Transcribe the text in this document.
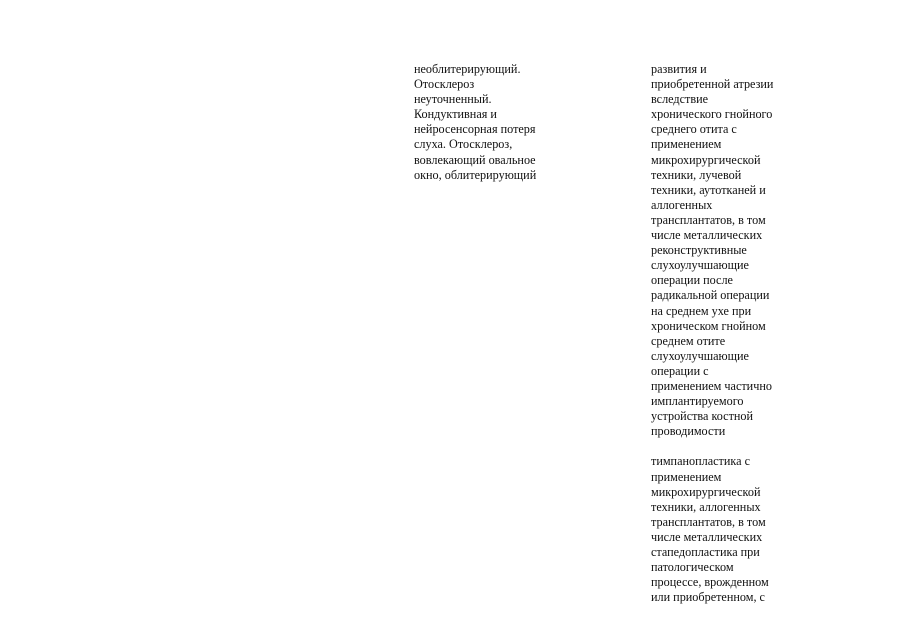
необлитерирующий.
Отосклероз
неуточненный.
Кондуктивная и
нейросенсорная потеря
слуха. Отосклероз,
вовлекающий овальное
окно, облитерирующий
развития и
приобретенной атрезии
вследствие
хронического гнойного
среднего отита с
применением
микрохирургической
техники, лучевой
техники, аутотканей и
аллогенных
трансплантатов, в том
числе металлических
реконструктивные
слухоулучшающие
операции после
радикальной операции
на среднем ухе при
хроническом гнойном
среднем отите
слухоулучшающие
операции с
применением частично
имплантируемого
устройства костной
проводимости
тимпанопластика с
применением
микрохирургической
техники, аллогенных
трансплантатов, в том
числе металлических
стапедопластика при
патологическом
процессе, врожденном
или приобретенном, с
